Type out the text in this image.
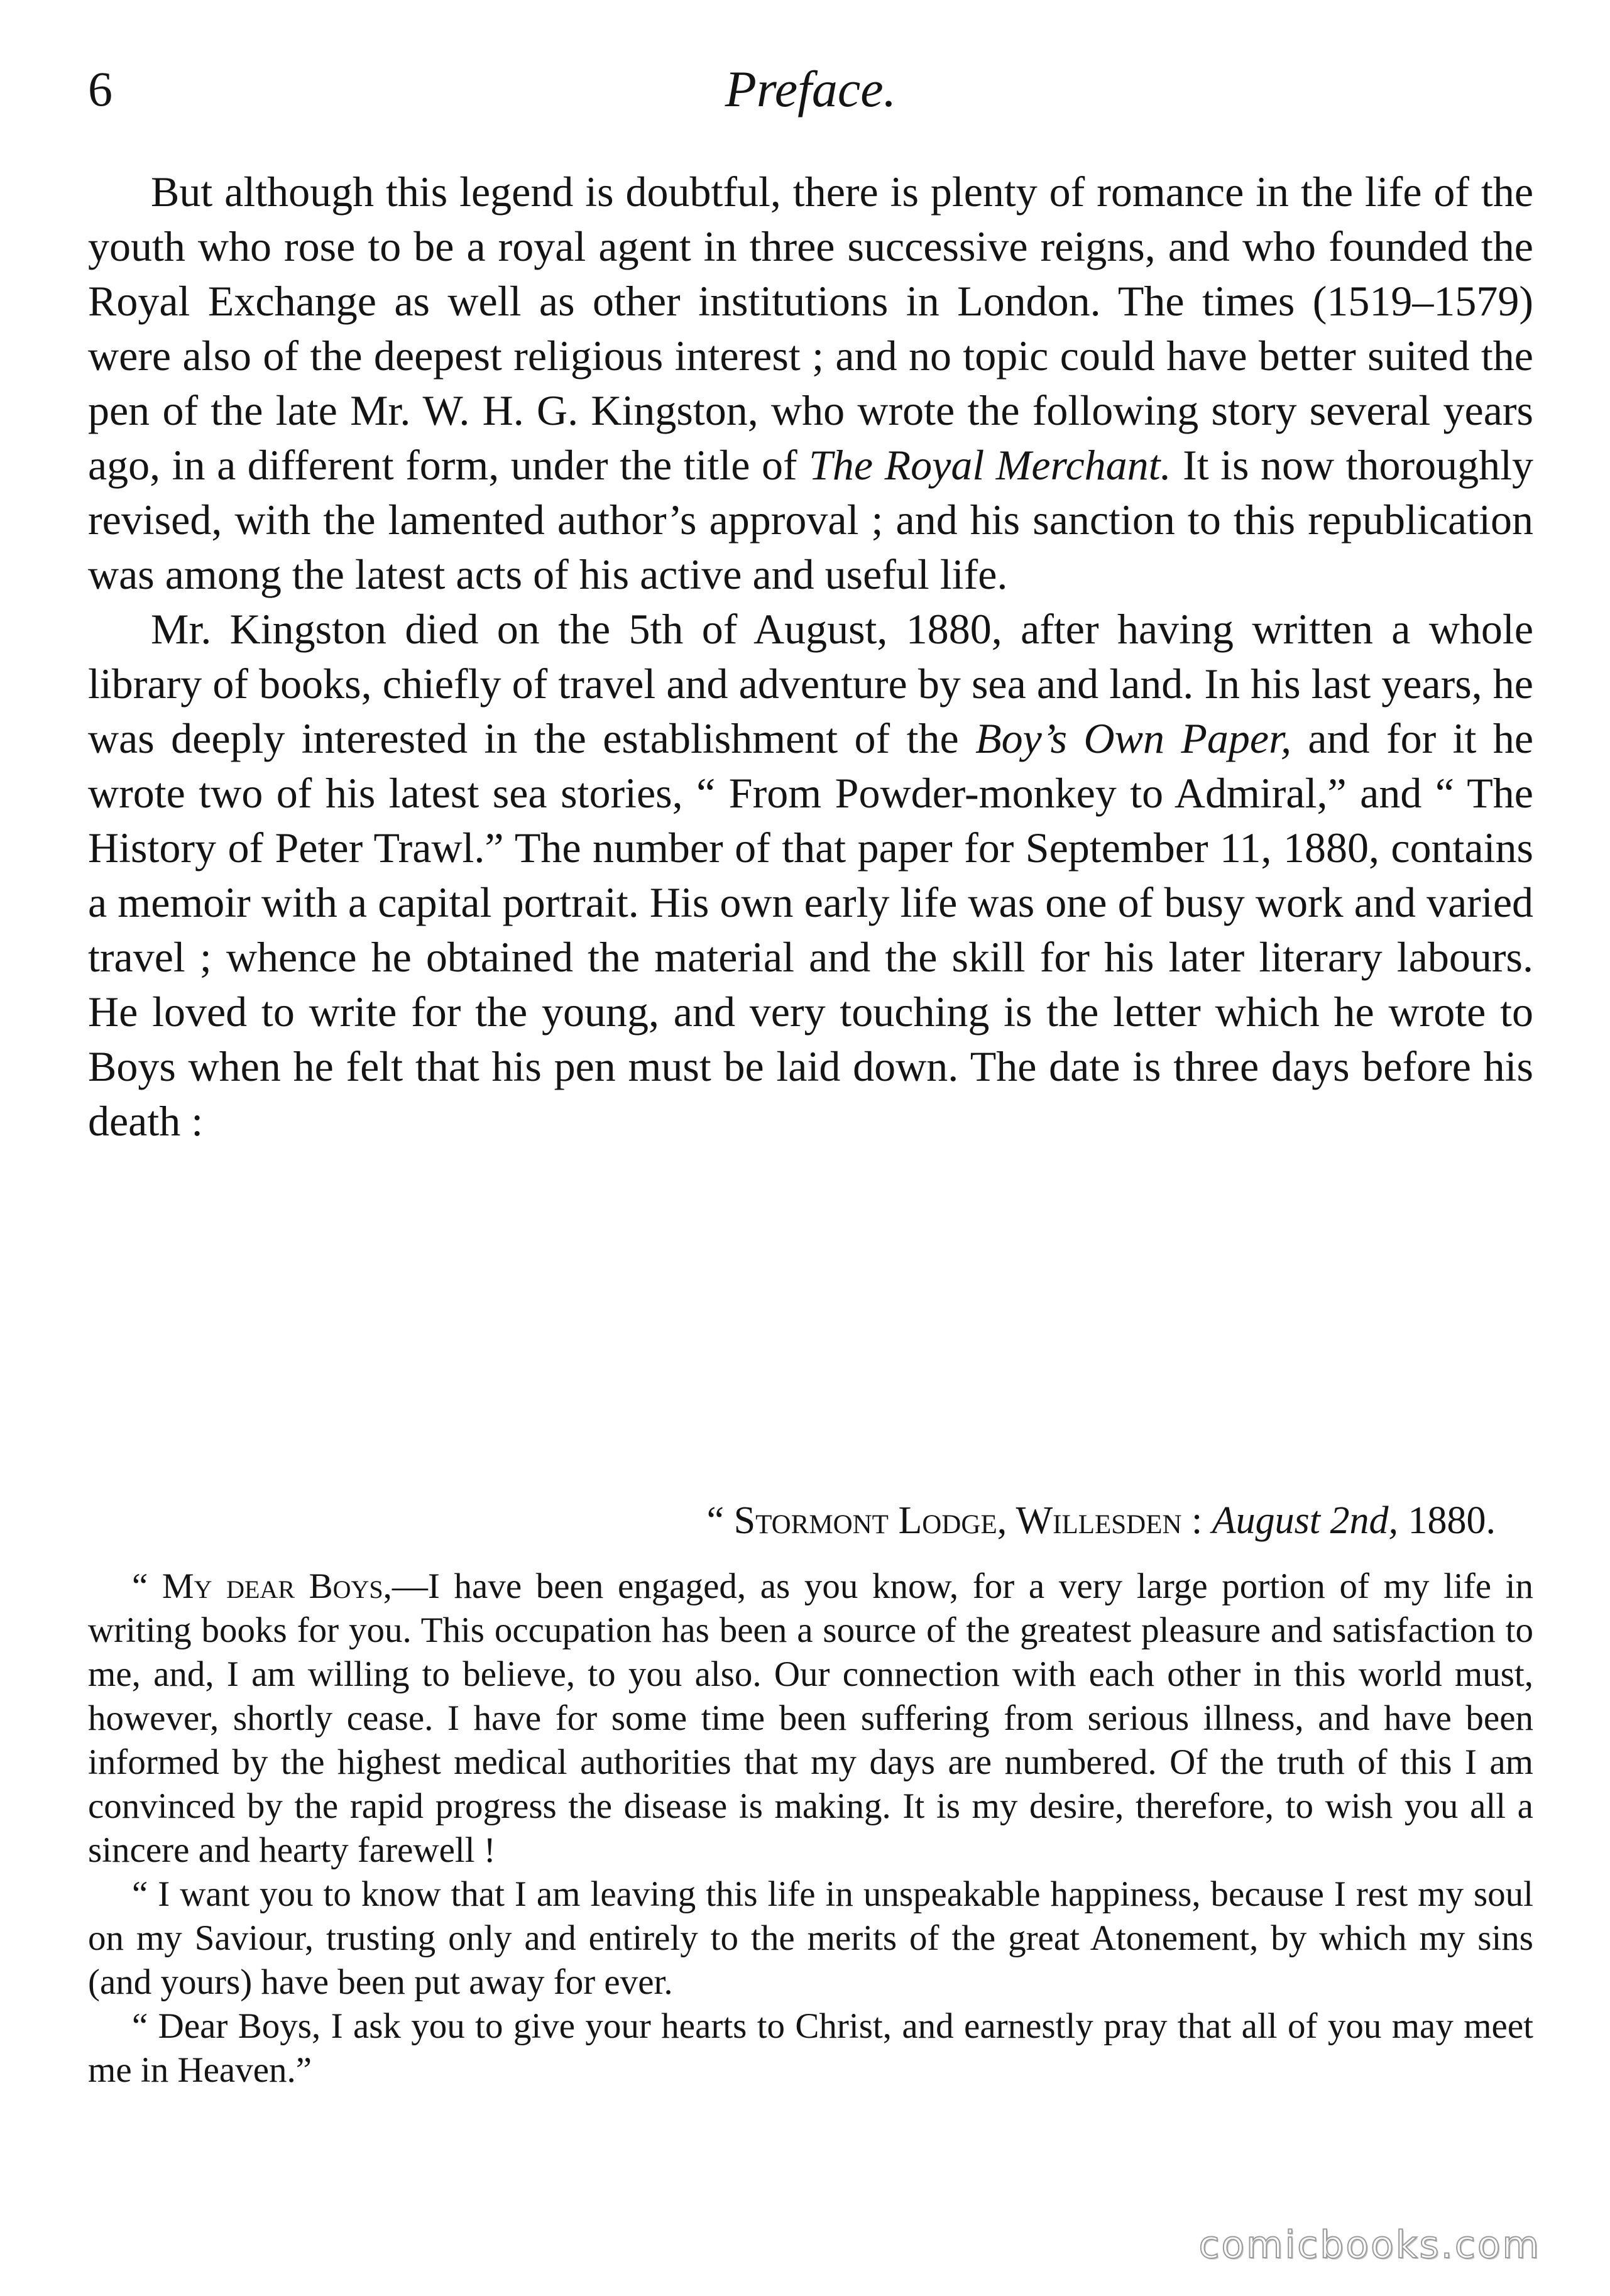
6	Preface.

But although this legend is doubtful, there is plenty of romance in the life of the youth who rose to be a royal agent in three successive reigns, and who founded the Royal Exchange as well as other institutions in London. The times (1519–1579) were also of the deepest religious interest ; and no topic could have better suited the pen of the late Mr. W. H. G. Kingston, who wrote the following story several years ago, in a different form, under the title of The Royal Merchant. It is now thoroughly revised, with the lamented author’s approval ; and his sanction to this republication was among the latest acts of his active and useful life.

Mr. Kingston died on the 5th of August, 1880, after having written a whole library of books, chiefly of travel and adventure by sea and land. In his last years, he was deeply interested in the establishment of the Boy’s Own Paper, and for it he wrote two of his latest sea stories, “ From Powder-monkey to Admiral,” and “ The History of Peter Trawl.” The number of that paper for September 11, 1880, contains a memoir with a capital portrait. His own early life was one of busy work and varied travel ; whence he obtained the material and the skill for his later literary labours. He loved to write for the young, and very touching is the letter which he wrote to Boys when he felt that his pen must be laid down. The date is three days before his death :

“ Stormont Lodge, Willesden : August 2nd, 1880.

“ My dear Boys,—I have been engaged, as you know, for a very large portion of my life in writing books for you. This occupation has been a source of the greatest pleasure and satisfaction to me, and, I am willing to believe, to you also. Our connection with each other in this world must, however, shortly cease. I have for some time been suffering from serious illness, and have been informed by the highest medical authorities that my days are numbered. Of the truth of this I am convinced by the rapid progress the disease is making. It is my desire, therefore, to wish you all a sincere and hearty farewell !

“ I want you to know that I am leaving this life in unspeakable happiness, because I rest my soul on my Saviour, trusting only and entirely to the merits of the great Atonement, by which my sins (and yours) have been put away for ever.

“ Dear Boys, I ask you to give your hearts to Christ, and earnestly pray that all of you may meet me in Heaven.”

comicbooks.com
